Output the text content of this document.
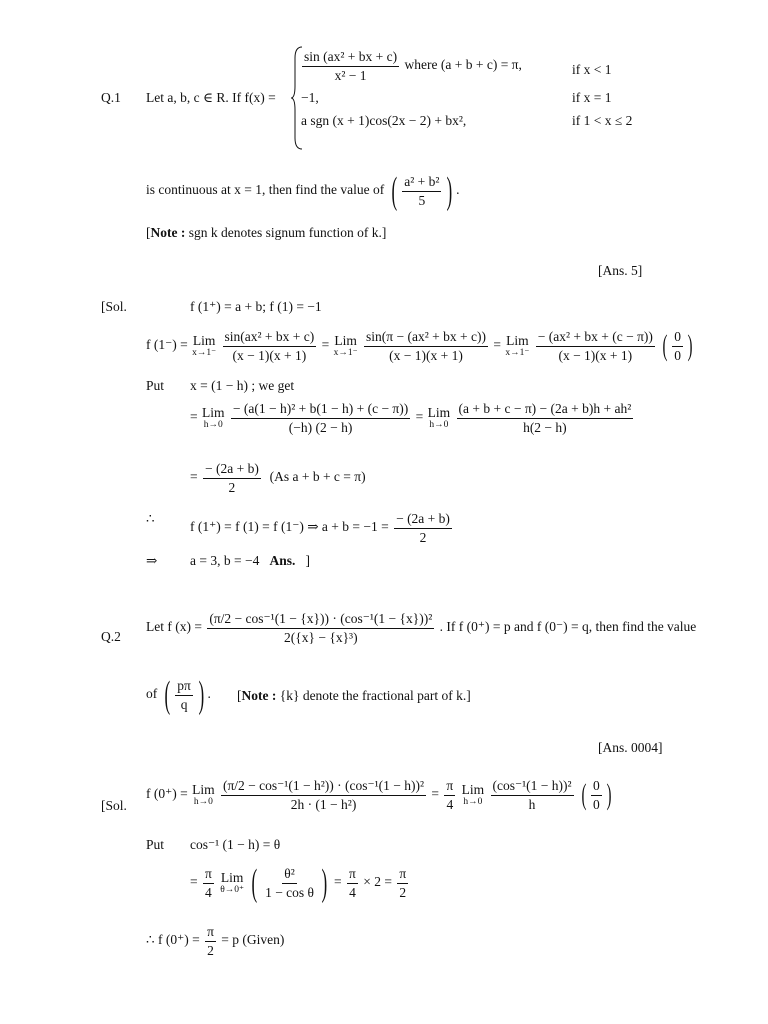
Q.1 Let a, b, c ∈ R. If f(x) =
$\frac{\text{sin (ax² + bx + c)}}{\text{x² − 1}}$ where (a + b + c) = π,	if x < 1
−1,	if x = 1
a sgn (x + 1)cos(2x − 2) + bx²,	if 1 < x ≤ 2
is continuous at x = 1, then find the value of ( $\frac{\text{a² + b²}}{5}$ ) .
[Note : sgn k denotes signum function of k.]
[Ans. 5]
[Sol.	f (1⁺) = a + b; f (1) = −1
f (1⁻) = Lim
x→1⁻
$\frac{\text{sin(ax² + bx + c)}}{(x - 1)(x + 1)}$ = Lim
x→1⁻
$\frac{\text{sin(π − (ax² + bx + c))}}{(x - 1)(x + 1)}$ = Lim
x→1⁻
$\frac{\text{− (ax² + bx + (c − π))}}{(x - 1)(x + 1)}$
( $\frac{0}{0}$ )
Put x = (1 − h) ; we get
= Lim
h→0
$\frac{\text{− (a(1 − h)² + b(1 − h) + (c − π))}}{(-h) (2 - h)}$ = Lim
h→0
$\frac{\text{(a + b + c − π) − (2a + b)h + ah²}}{h(2 - h)}$
= $\frac{- (2a + b)}{2} (As$ a + b + c = π)
∴
f (1⁺) = f (1) = f (1⁻) ⇒ $a + b = -1 = \frac{- (2a + b)}{2}$
⇒ a = 3, b = −4 Ans. ]
Q.2
Let f $(x) = \frac{\text{(π/2 − cos⁻¹(1 − \{x\})) · (cos⁻¹(1 − \{x\}))²}}{\text{2(\{x\} − \{x\}³)}}$ . If f (0⁺) = p and f (0⁻) = q, then find the value
of ( $\frac{p\pi}{q}$ ) . [Note : {k} denote the fractional part of k.]
[Ans. 0004]
[Sol.
f (0⁺) = Lim
h→0
$\frac{\text{(π/2 − cos⁻¹(1 − h²)) · (cos⁻¹(1 − h))²}}{\text{2h · (1 − h²)}} = \frac{\pi}{4}$
Lim
h→0
$\frac{\text{(cos⁻¹(1 − h))²}}{h}$
( $\frac{0}{0}$ )
Put cos⁻¹ (1 − h) = θ
= $\frac{\pi}{4}$
Lim
θ→0⁺
( $\frac{\text{θ²}}{\text{1 − cos θ}}$ ) = $\frac{\pi}{4} \times 2 = \frac{\pi}{2}$
∴ f $(0^+) = \frac{\pi}{2} = p$ (Given)
